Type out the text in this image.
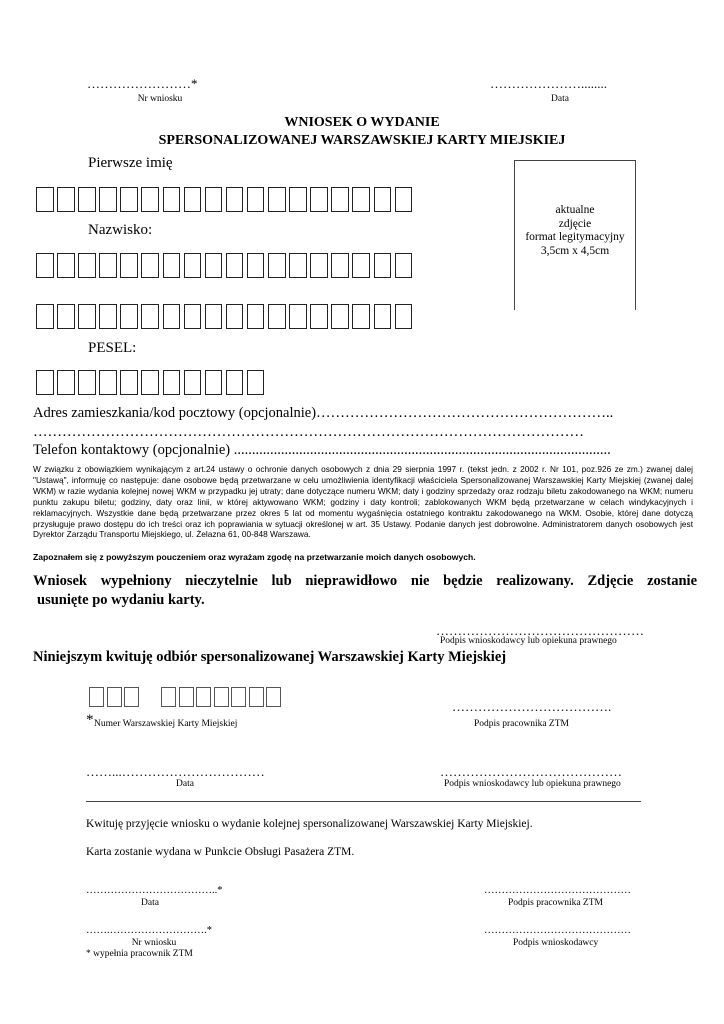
……………………*
Nr wniosku
…………………........
Data
WNIOSEK O WYDANIE
SPERSONALIZOWANEJ WARSZAWSKIEJ KARTY MIEJSKIEJ
Pierwsze imię
Nazwisko:
aktualne
zdjęcie
format legitymacyjny
3,5cm x 4,5cm
PESEL:
Adres zamieszkania/kod pocztowy (opcjonalnie)……………………………………………………..
……………………………………………………………………………………………………
Telefon kontaktowy (opcjonalnie) ........................................................................................................
W związku z obowiązkiem wynikającym z art.24 ustawy o ochronie danych osobowych z dnia 29 sierpnia 1997 r. (tekst jedn. z 2002 r. Nr 101, poz.926 ze zm.) zwanej dalej "Ustawą", informuję co następuje: dane osobowe będą przetwarzane w celu umożliwienia identyfikacji właściciela Spersonalizowanej Warszawskiej Karty Miejskiej (zwanej dalej WKM) w razie wydania kolejnej nowej WKM w przypadku jej utraty; dane dotyczące numeru WKM; daty i godziny sprzedaży oraz rodzaju biletu zakodowanego na WKM; numeru punktu zakupu biletu; godziny, daty oraz linii, w której aktywowano WKM; godziny i daty kontroli; zablokowanych WKM będą przetwarzane w celach windykacyjnych i reklamacyjnych. Wszystkie dane będą przetwarzane przez okres 5 lat od momentu wygaśnięcia ostatniego kontraktu zakodowanego na WKM. Osobie, której dane dotyczą przysługuje prawo dostępu do ich treści oraz ich poprawiania w sytuacji określonej w art. 35 Ustawy. Podanie danych jest dobrowolne. Administratorem danych osobowych jest Dyrektor Zarządu Transportu Miejskiego, ul. Żelazna 61, 00-848 Warszawa.
Zapoznałem się z powyższym pouczeniem oraz wyrażam zgodę na przetwarzanie moich danych osobowych.
Wniosek wypełniony nieczytelnie lub nieprawidłowo nie będzie realizowany. Zdjęcie zostanie
usunięte po wydaniu karty.
…………………………………………
Podpis wnioskodawcy lub opiekuna prawnego
Niniejszym kwituję odbiór spersonalizowanej Warszawskiej Karty Miejskiej
* Numer Warszawskiej Karty Miejskiej
……………………………….
Podpis pracownika ZTM
……...……………………………
Data
……………………………………
Podpis wnioskodawcy lub opiekuna prawnego
Kwituję przyjęcie wniosku o wydanie kolejnej spersonalizowanej Warszawskiej Karty Miejskiej.
Karta zostanie wydana w Punkcie Obsługi Pasażera ZTM.
………………………………..*
Data
……………………………………
Podpis pracownika ZTM
…….……………………….*
Nr wniosku
……………………………………
Podpis wnioskodawcy
* wypełnia pracownik ZTM
